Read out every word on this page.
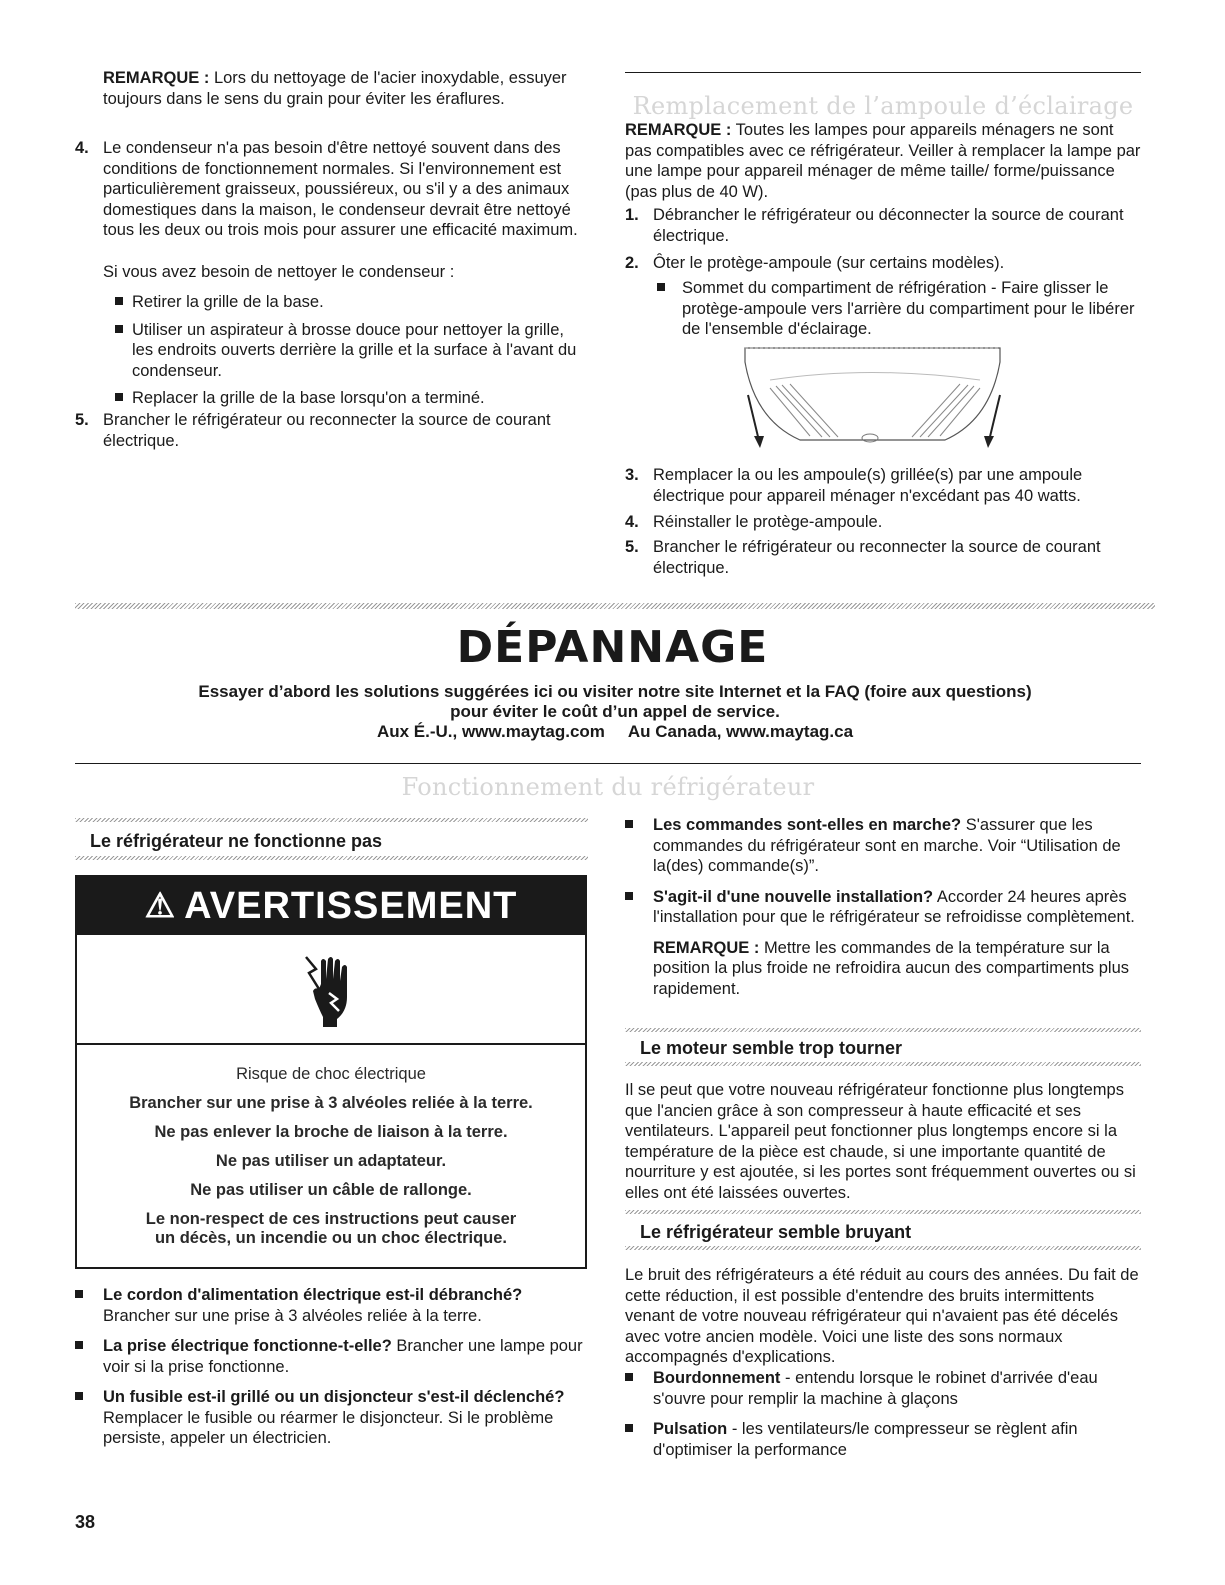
REMARQUE : Lors du nettoyage de l'acier inoxydable, essuyer toujours dans le sens du grain pour éviter les éraflures.
4. Le condenseur n'a pas besoin d'être nettoyé souvent dans des conditions de fonctionnement normales. Si l'environnement est particulièrement graisseux, poussiéreux, ou s'il y a des animaux domestiques dans la maison, le condenseur devrait être nettoyé tous les deux ou trois mois pour assurer une efficacité maximum.
Si vous avez besoin de nettoyer le condenseur :
Retirer la grille de la base.
Utiliser un aspirateur à brosse douce pour nettoyer la grille, les endroits ouverts derrière la grille et la surface à l'avant du condenseur.
Replacer la grille de la base lorsqu'on a terminé.
5. Brancher le réfrigérateur ou reconnecter la source de courant électrique.
Remplacement de l’ampoule d’éclairage
REMARQUE : Toutes les lampes pour appareils ménagers ne sont pas compatibles avec ce réfrigérateur. Veiller à remplacer la lampe par une lampe pour appareil ménager de même taille/ forme/puissance (pas plus de 40 W).
1. Débrancher le réfrigérateur ou déconnecter la source de courant électrique.
2. Ôter le protège-ampoule (sur certains modèles).
Sommet du compartiment de réfrigération - Faire glisser le protège-ampoule vers l'arrière du compartiment pour le libérer de l'ensemble d'éclairage.
3. Remplacer la ou les ampoule(s) grillée(s) par une ampoule électrique pour appareil ménager n'excédant pas 40 watts.
4. Réinstaller le protège-ampoule.
5. Brancher le réfrigérateur ou reconnecter la source de courant électrique.
DÉPANNAGE
Essayer d’abord les solutions suggérées ici ou visiter notre site Internet et la FAQ (foire aux questions)
pour éviter le coût d’un appel de service.
Aux É.-U., www.maytag.com     Au Canada, www.maytag.ca
Fonctionnement du réfrigérateur
Le réfrigérateur ne fonctionne pas
⚠ AVERTISSEMENT
Risque de choc électrique
Brancher sur une prise à 3 alvéoles reliée à la terre.
Ne pas enlever la broche de liaison à la terre.
Ne pas utiliser un adaptateur.
Ne pas utiliser un câble de rallonge.
Le non-respect de ces instructions peut causer
un décès, un incendie ou un choc électrique.
Le cordon d'alimentation électrique est-il débranché? Brancher sur une prise à 3 alvéoles reliée à la terre.
La prise électrique fonctionne-t-elle? Brancher une lampe pour voir si la prise fonctionne.
Un fusible est-il grillé ou un disjoncteur s'est-il déclenché? Remplacer le fusible ou réarmer le disjoncteur. Si le problème persiste, appeler un électricien.
Les commandes sont-elles en marche? S'assurer que les commandes du réfrigérateur sont en marche. Voir “Utilisation de la(des) commande(s)”.
S'agit-il d'une nouvelle installation? Accorder 24 heures après l'installation pour que le réfrigérateur se refroidisse complètement.
REMARQUE : Mettre les commandes de la température sur la position la plus froide ne refroidira aucun des compartiments plus rapidement.
Le moteur semble trop tourner
Il se peut que votre nouveau réfrigérateur fonctionne plus longtemps que l'ancien grâce à son compresseur à haute efficacité et ses ventilateurs. L'appareil peut fonctionner plus longtemps encore si la température de la pièce est chaude, si une importante quantité de nourriture y est ajoutée, si les portes sont fréquemment ouvertes ou si elles ont été laissées ouvertes.
Le réfrigérateur semble bruyant
Le bruit des réfrigérateurs a été réduit au cours des années. Du fait de cette réduction, il est possible d'entendre des bruits intermittents venant de votre nouveau réfrigérateur qui n'avaient pas été décelés avec votre ancien modèle. Voici une liste des sons normaux accompagnés d'explications.
Bourdonnement - entendu lorsque le robinet d'arrivée d'eau s'ouvre pour remplir la machine à glaçons
Pulsation - les ventilateurs/le compresseur se règlent afin d'optimiser la performance
38
